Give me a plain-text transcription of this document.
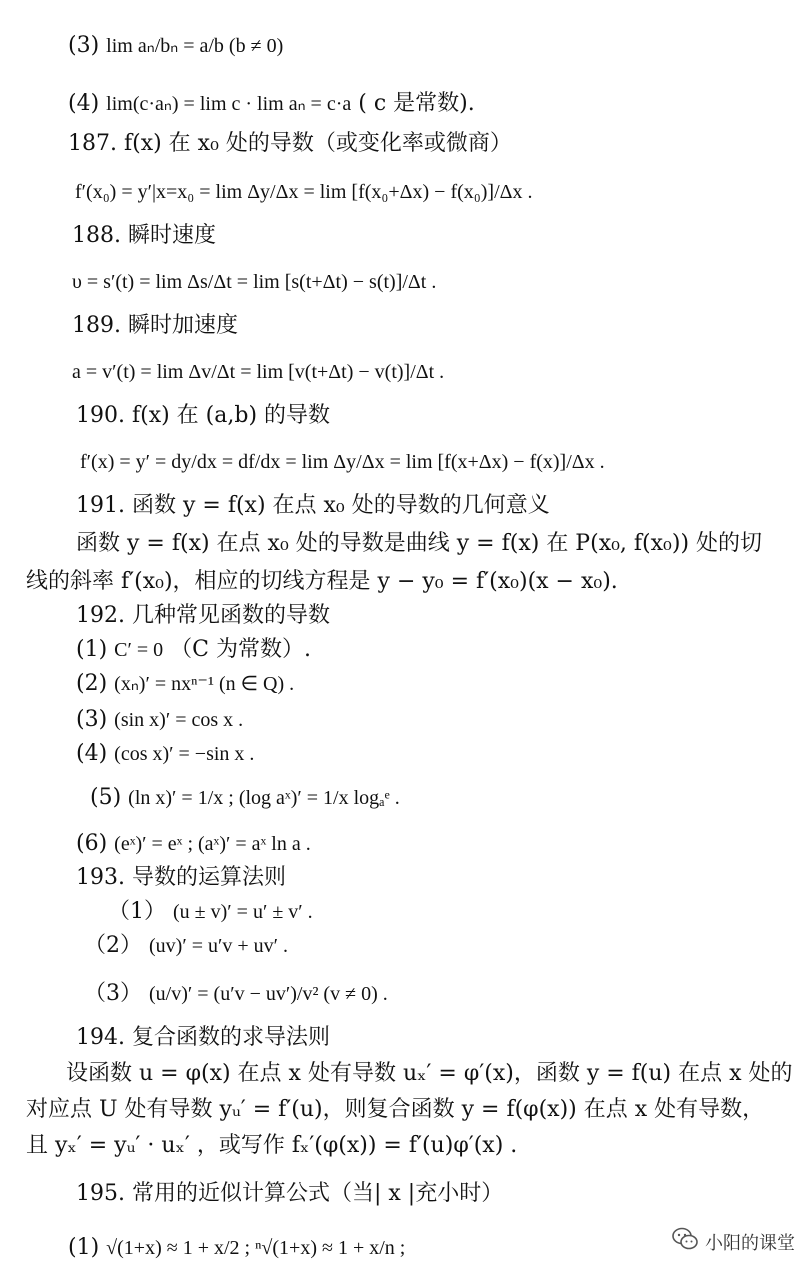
(3) lim aₙ/bₙ = a/b (b ≠ 0)
(4) lim(c·aₙ) = lim c · lim aₙ = c·a ( c 是常数).
187. f(x) 在 x₀ 处的导数（或变化率或微商）
f′(x₀) = y′|x=x₀ = lim Δy/Δx = lim [f(x₀+Δx) − f(x₀)]/Δx .
188. 瞬时速度
υ = s′(t) = lim Δs/Δt = lim [s(t+Δt) − s(t)]/Δt .
189. 瞬时加速度
a = v′(t) = lim Δv/Δt = lim [v(t+Δt) − v(t)]/Δt .
190. f(x) 在 (a,b) 的导数
f′(x) = y′ = dy/dx = df/dx = lim Δy/Δx = lim [f(x+Δx) − f(x)]/Δx .
191. 函数 y = f(x) 在点 x₀ 处的导数的几何意义
函数 y = f(x) 在点 x₀ 处的导数是曲线 y = f(x) 在 P(x₀, f(x₀)) 处的切
线的斜率 f′(x₀)，相应的切线方程是 y − y₀ = f′(x₀)(x − x₀).
192. 几种常见函数的导数
(1) C′ = 0 （C 为常数）.
(2) (xₙ)′ = nxⁿ⁻¹ (n ∈ Q) .
(3) (sin x)′ = cos x .
(4) (cos x)′ = −sin x .
(5) (ln x)′ = 1/x ; (log aˣ)′ = 1/x logₐᵉ .
(6) (eˣ)′ = eˣ ; (aˣ)′ = aˣ ln a .
193. 导数的运算法则
（1） (u ± v)′ = u′ ± v′ .
（2） (uv)′ = u′v + uv′ .
（3） (u/v)′ = (u′v − uv′)/v² (v ≠ 0) .
194. 复合函数的求导法则
设函数 u = φ(x) 在点 x 处有导数 uₓ′ = φ′(x)，函数 y = f(u) 在点 x 处的
对应点 U 处有导数 yᵤ′ = f′(u)，则复合函数 y = f(φ(x)) 在点 x 处有导数，
且 yₓ′ = yᵤ′ · uₓ′ ，或写作 fₓ′(φ(x)) = f′(u)φ′(x) .
195. 常用的近似计算公式（当| x |充小时）
(1) √(1+x) ≈ 1 + x/2 ; ⁿ√(1+x) ≈ 1 + x/n ;	小阳的课堂
